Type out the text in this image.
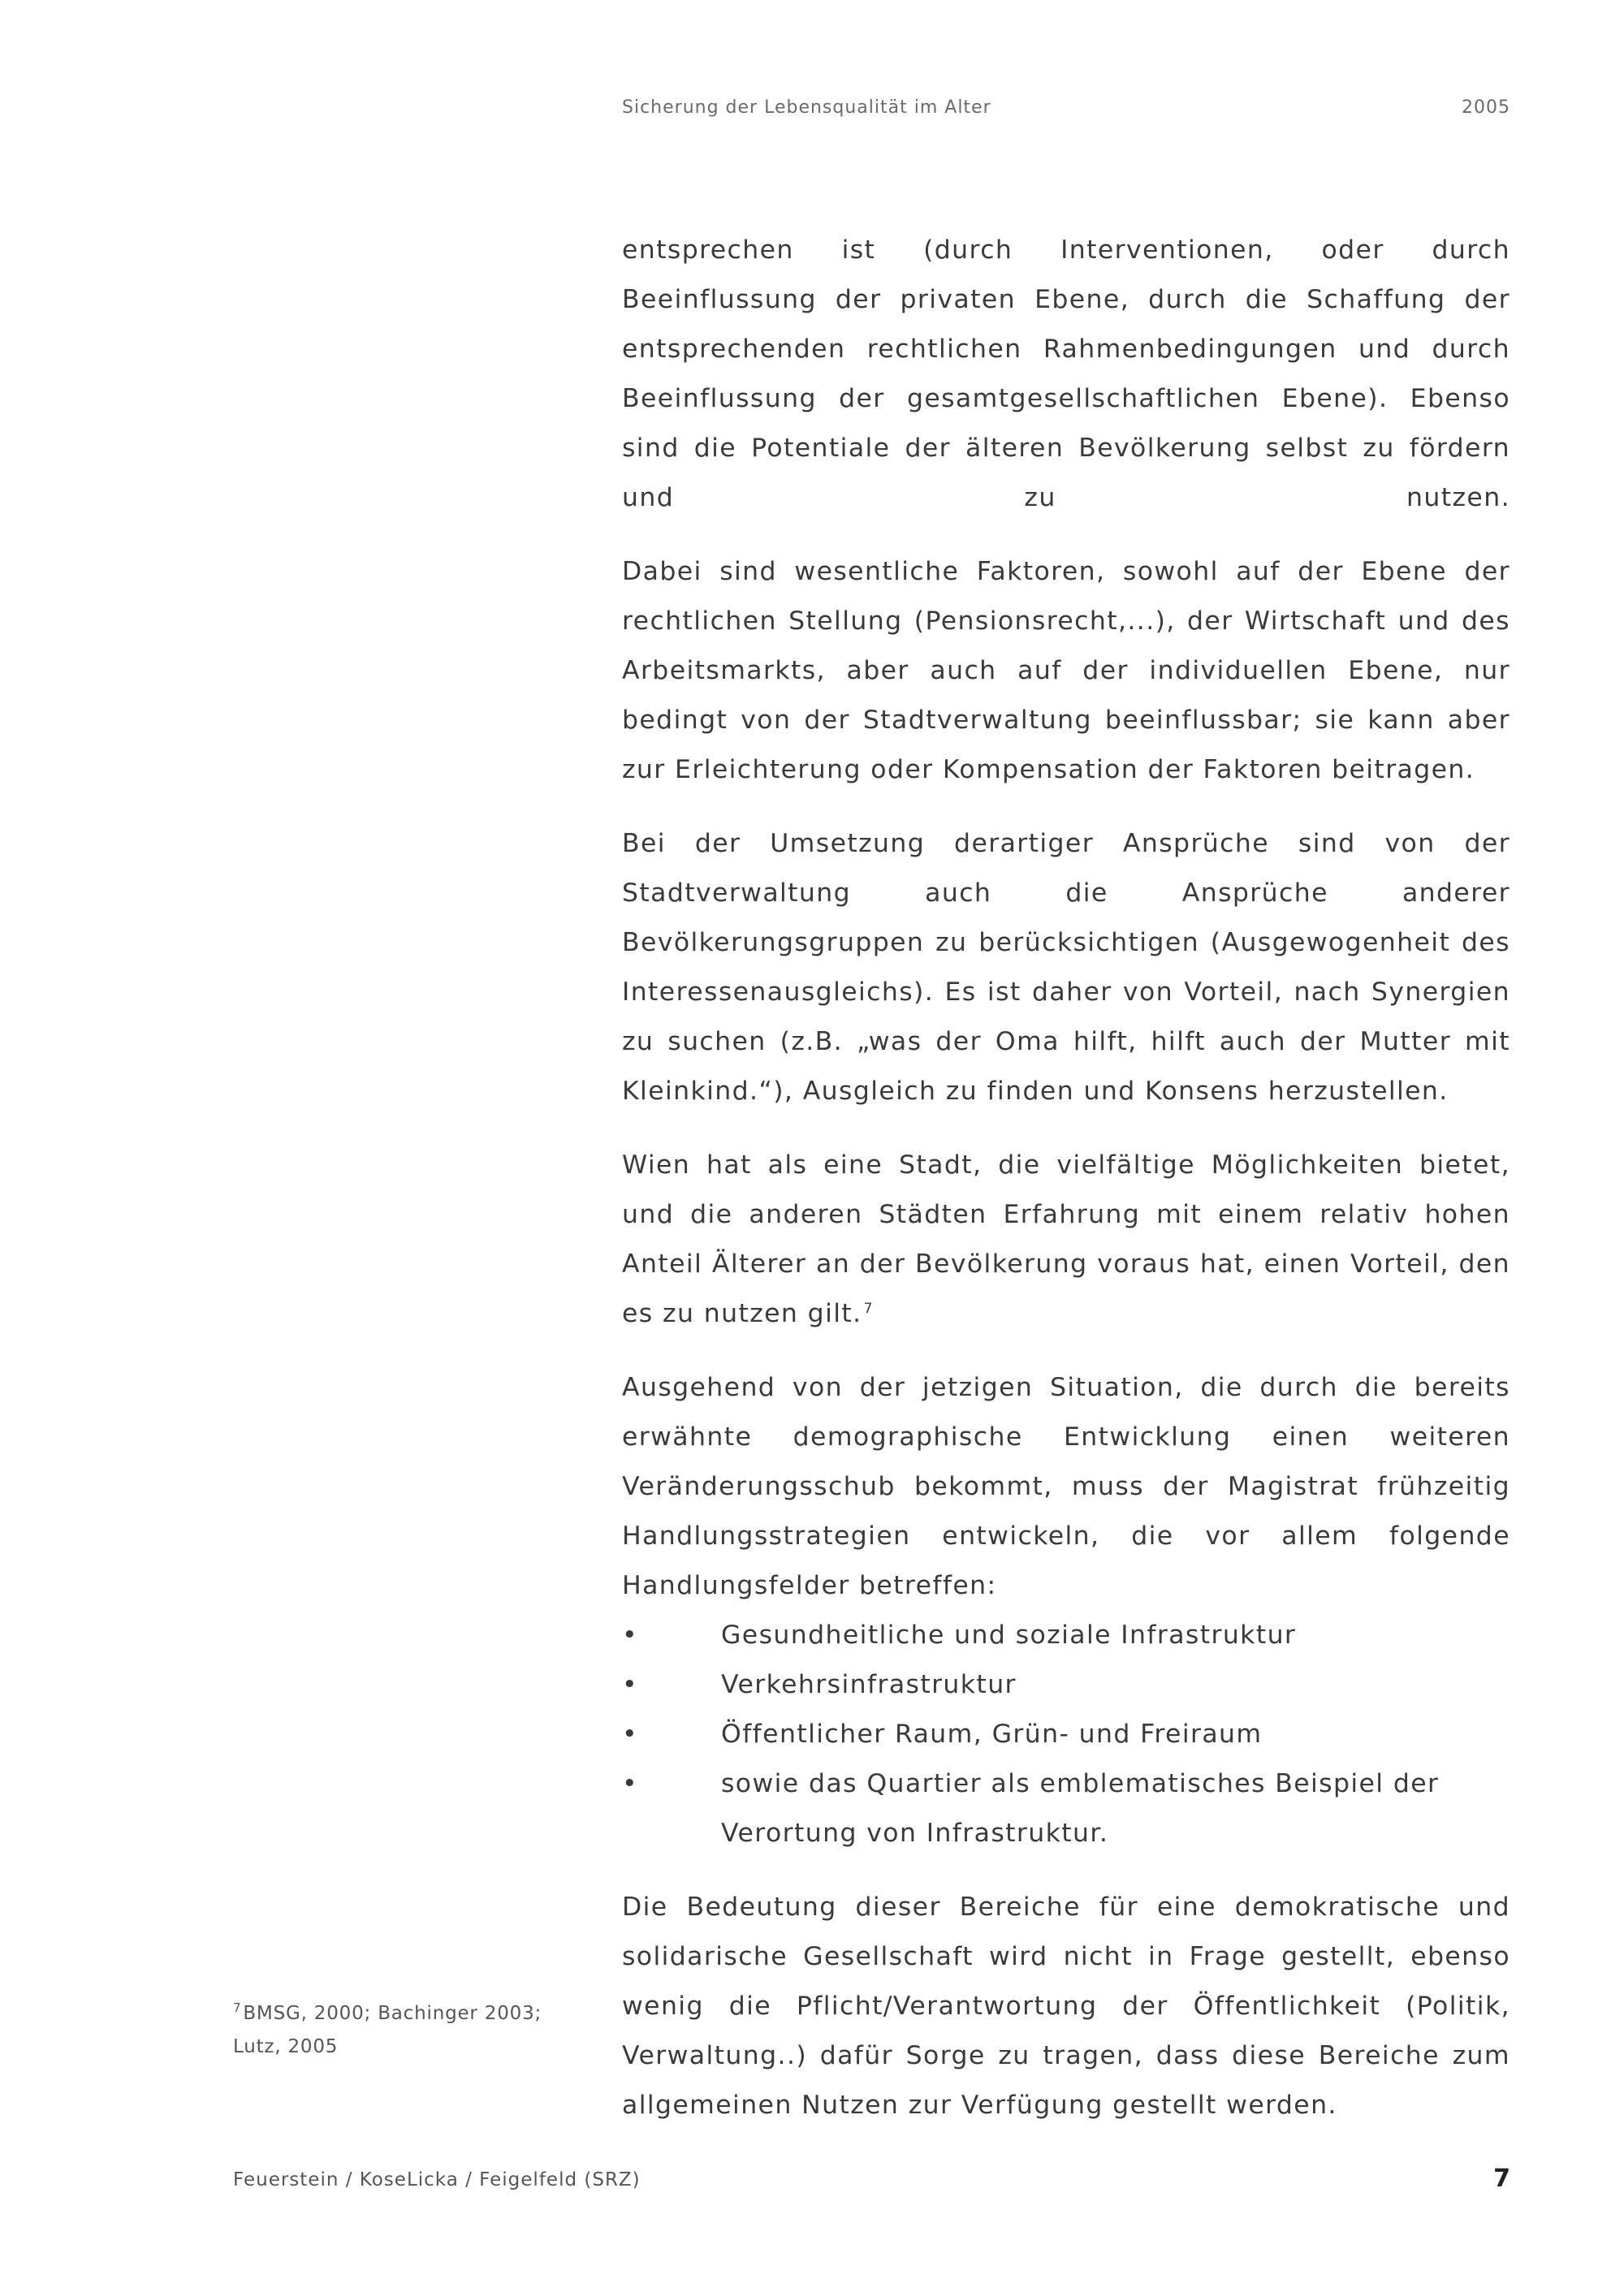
Sicherung der Lebensqualität im Alter	2005

entsprechen ist (durch Interventionen, oder durch Beeinflussung der privaten Ebene, durch die Schaffung der entsprechenden rechtlichen Rahmenbedingungen und durch Beeinflussung der gesamtgesellschaftlichen Ebene). Ebenso sind die Potentiale der älteren Bevölkerung selbst zu fördern und zu nutzen.

Dabei sind wesentliche Faktoren, sowohl auf der Ebene der rechtlichen Stellung (Pensionsrecht,...), der Wirtschaft und des Arbeitsmarkts, aber auch auf der individuellen Ebene, nur bedingt von der Stadtverwaltung beeinflussbar; sie kann aber zur Erleichterung oder Kompensation der Faktoren beitragen.

Bei der Umsetzung derartiger Ansprüche sind von der Stadtverwaltung auch die Ansprüche anderer Bevölkerungsgruppen zu berücksichtigen (Ausgewogenheit des Interessenausgleichs). Es ist daher von Vorteil, nach Synergien zu suchen (z.B. „was der Oma hilft, hilft auch der Mutter mit Kleinkind.“), Ausgleich zu finden und Konsens herzustellen.

Wien hat als eine Stadt, die vielfältige Möglichkeiten bietet, und die anderen Städten Erfahrung mit einem relativ hohen Anteil Älterer an der Bevölkerung voraus hat, einen Vorteil, den es zu nutzen gilt. $^7$

Ausgehend von der jetzigen Situation, die durch die bereits erwähnte demographische Entwicklung einen weiteren Veränderungsschub bekommt, muss der Magistrat frühzeitig Handlungsstrategien entwickeln, die vor allem folgende Handlungsfelder betreffen:

•	Gesundheitliche und soziale Infrastruktur
•	Verkehrsinfrastruktur
•	Öffentlicher Raum, Grün- und Freiraum
•	sowie das Quartier als emblematisches Beispiel der Verortung von Infrastruktur.

Die Bedeutung dieser Bereiche für eine demokratische und solidarische Gesellschaft wird nicht in Frage gestellt, ebenso wenig die Pflicht/Verantwortung der Öffentlichkeit (Politik, Verwaltung..) dafür Sorge zu tragen, dass diese Bereiche zum allgemeinen Nutzen zur Verfügung gestellt werden.

$^7$BMSG, 2000; Bachinger 2003; Lutz, 2005
Feuerstein / KoseLicka / Feigelfeld (SRZ)	7
